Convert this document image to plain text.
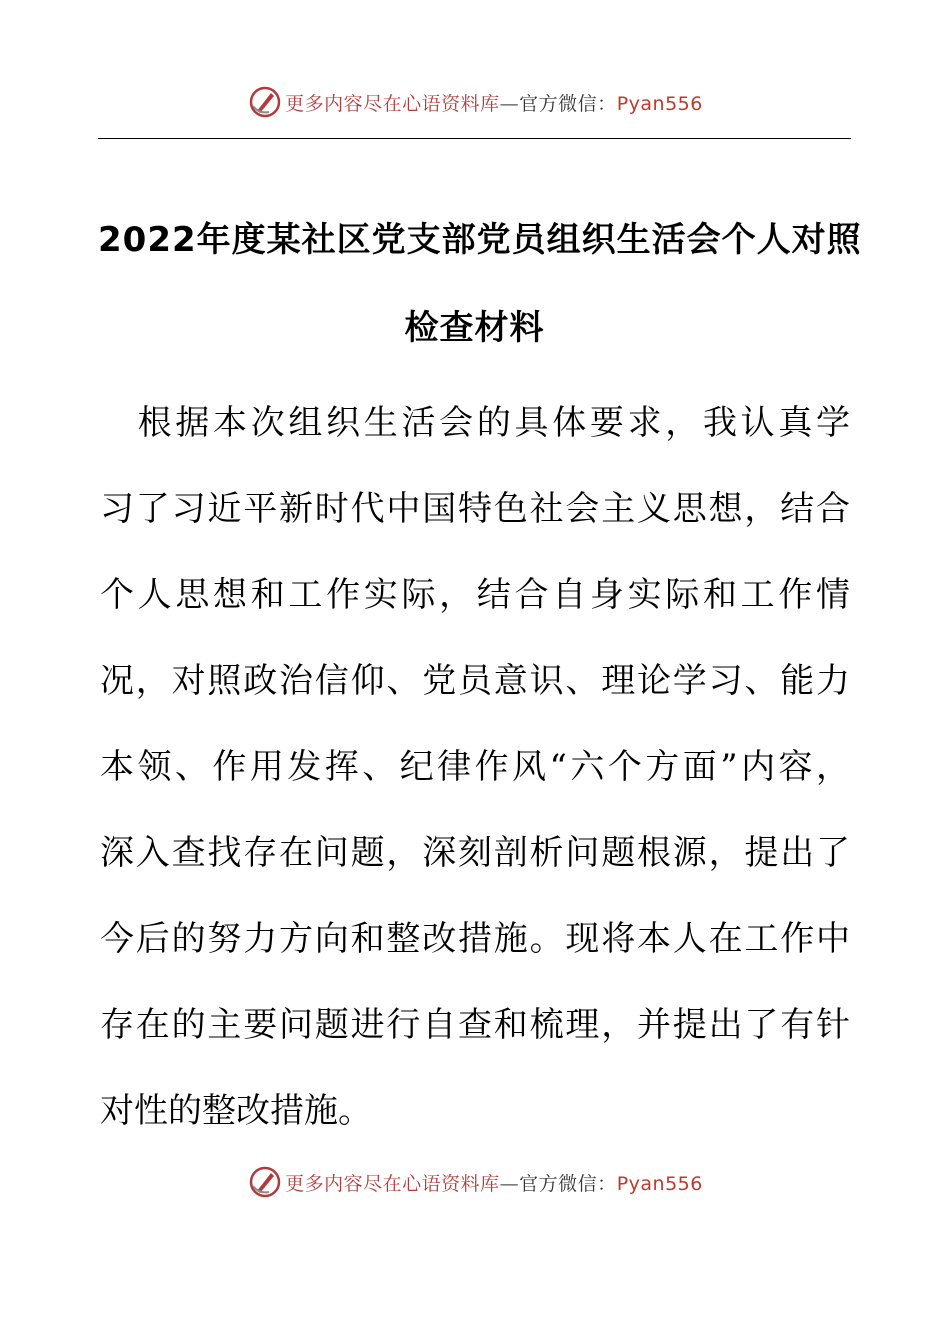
更多内容尽在心语资料库—官方微信：Pyan556
2022年度某社区党支部党员组织生活会个人对照
检查材料
　根据本次组织生活会的具体要求，我认真学
习了习近平新时代中国特色社会主义思想，结合
个人思想和工作实际，结合自身实际和工作情
况，对照政治信仰、党员意识、理论学习、能力
本领、作用发挥、纪律作风“六个方面”内容，
深入查找存在问题，深刻剖析问题根源，提出了
今后的努力方向和整改措施。现将本人在工作中
存在的主要问题进行自查和梳理，并提出了有针
对性的整改措施。
更多内容尽在心语资料库—官方微信：Pyan556
